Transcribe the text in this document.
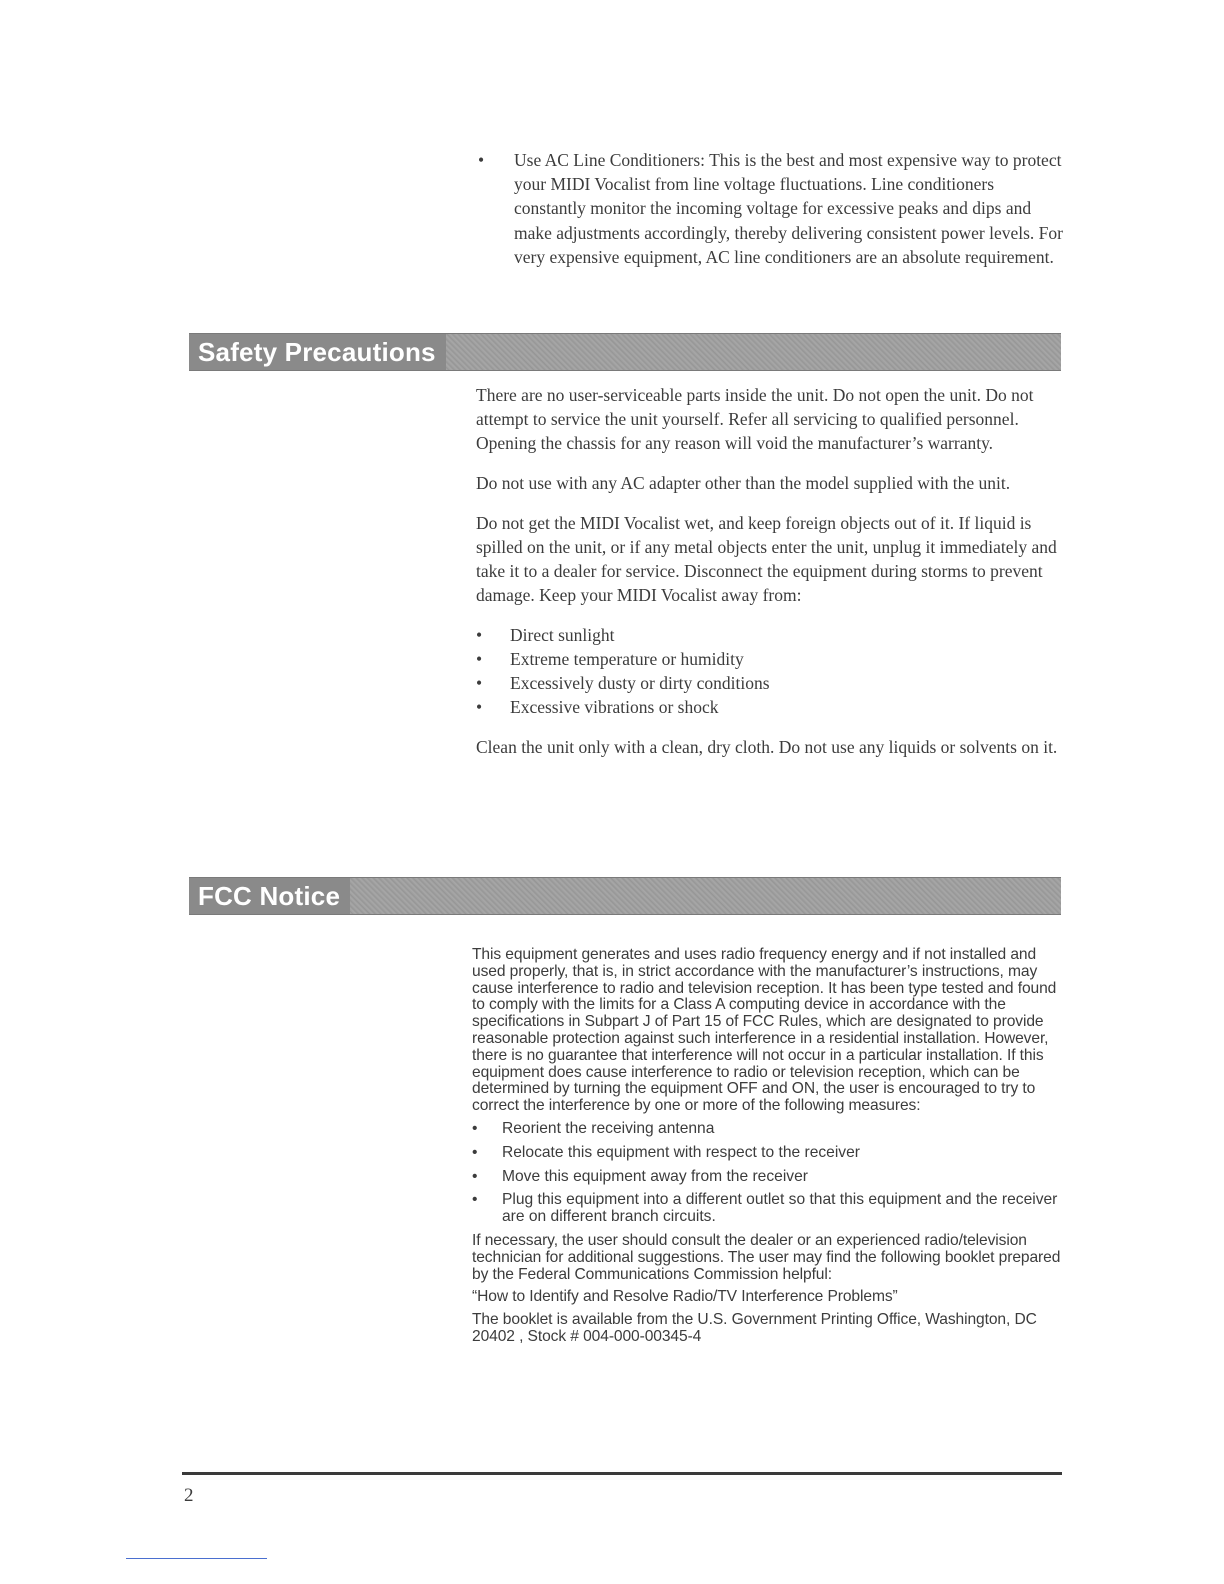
•	Use AC Line Conditioners: This is the best and most expensive way to protect your MIDI Vocalist from line voltage fluctuations. Line conditioners constantly monitor the incoming voltage for excessive peaks and dips and make adjustments accordingly, thereby delivering consistent power levels. For very expensive equipment, AC line conditioners are an absolute requirement.
Safety Precautions

There are no user-serviceable parts inside the unit. Do not open the unit. Do not attempt to service the unit yourself. Refer all servicing to qualified personnel. Opening the chassis for any reason will void the manufacturer’s warranty.

Do not use with any AC adapter other than the model supplied with the unit.

Do not get the MIDI Vocalist wet, and keep foreign objects out of it. If liquid is spilled on the unit, or if any metal objects enter the unit, unplug it immediately and take it to a dealer for service. Disconnect the equipment during storms to prevent damage. Keep your MIDI Vocalist away from:

•	Direct sunlight
•	Extreme temperature or humidity
•	Excessively dusty or dirty conditions
•	Excessive vibrations or shock

Clean the unit only with a clean, dry cloth. Do not use any liquids or solvents on it.

FCC Notice

This equipment generates and uses radio frequency energy and if not installed and used properly, that is, in strict accordance with the manufacturer’s instructions, may cause interference to radio and television reception. It has been type tested and found to comply with the limits for a Class A computing device in accordance with the specifications in Subpart J of Part 15 of FCC Rules, which are designated to provide reasonable protection against such interference in a residential installation. However, there is no guarantee that interference will not occur in a particular installation. If this equipment does cause interference to radio or television reception, which can be determined by turning the equipment OFF and ON, the user is encouraged to try to correct the interference by one or more of the following measures:

•	Reorient the receiving antenna
•	Relocate this equipment with respect to the receiver
•	Move this equipment away from the receiver
•	Plug this equipment into a different outlet so that this equipment and the receiver are on different branch circuits.

If necessary, the user should consult the dealer or an experienced radio/television technician for additional suggestions. The user may find the following booklet prepared by the Federal Communications Commission helpful:

“How to Identify and Resolve Radio/TV Interference Problems”

The booklet is available from the U.S. Government Printing Office, Washington, DC 20402 , Stock # 004-000-00345-4

2
